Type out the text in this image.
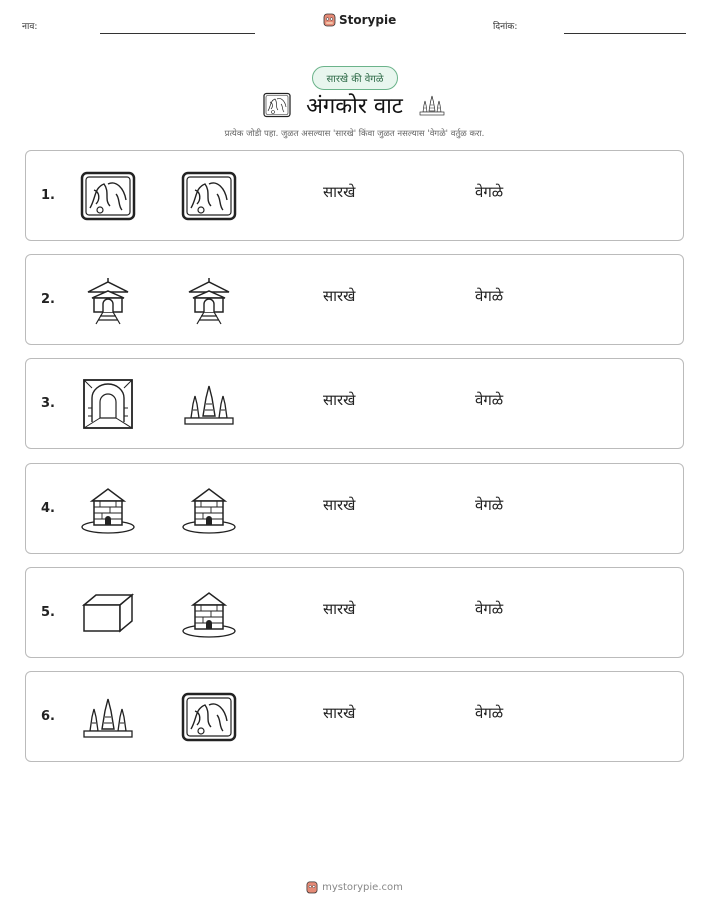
नाव:
Storypie
दिनांक:
सारखे की वेगळे
अंगकोर वाट
प्रत्येक जोडी पहा. जुळत असल्यास 'सारखे' किंवा जुळत नसल्यास 'वेगळे' वर्तुळ करा.
1.	सारखे	वेगळे
2.	सारखे	वेगळे
3.	सारखे	वेगळे
4.	सारखे	वेगळे
5.	सारखे	वेगळे
6.	सारखे	वेगळे
mystorypie.com
